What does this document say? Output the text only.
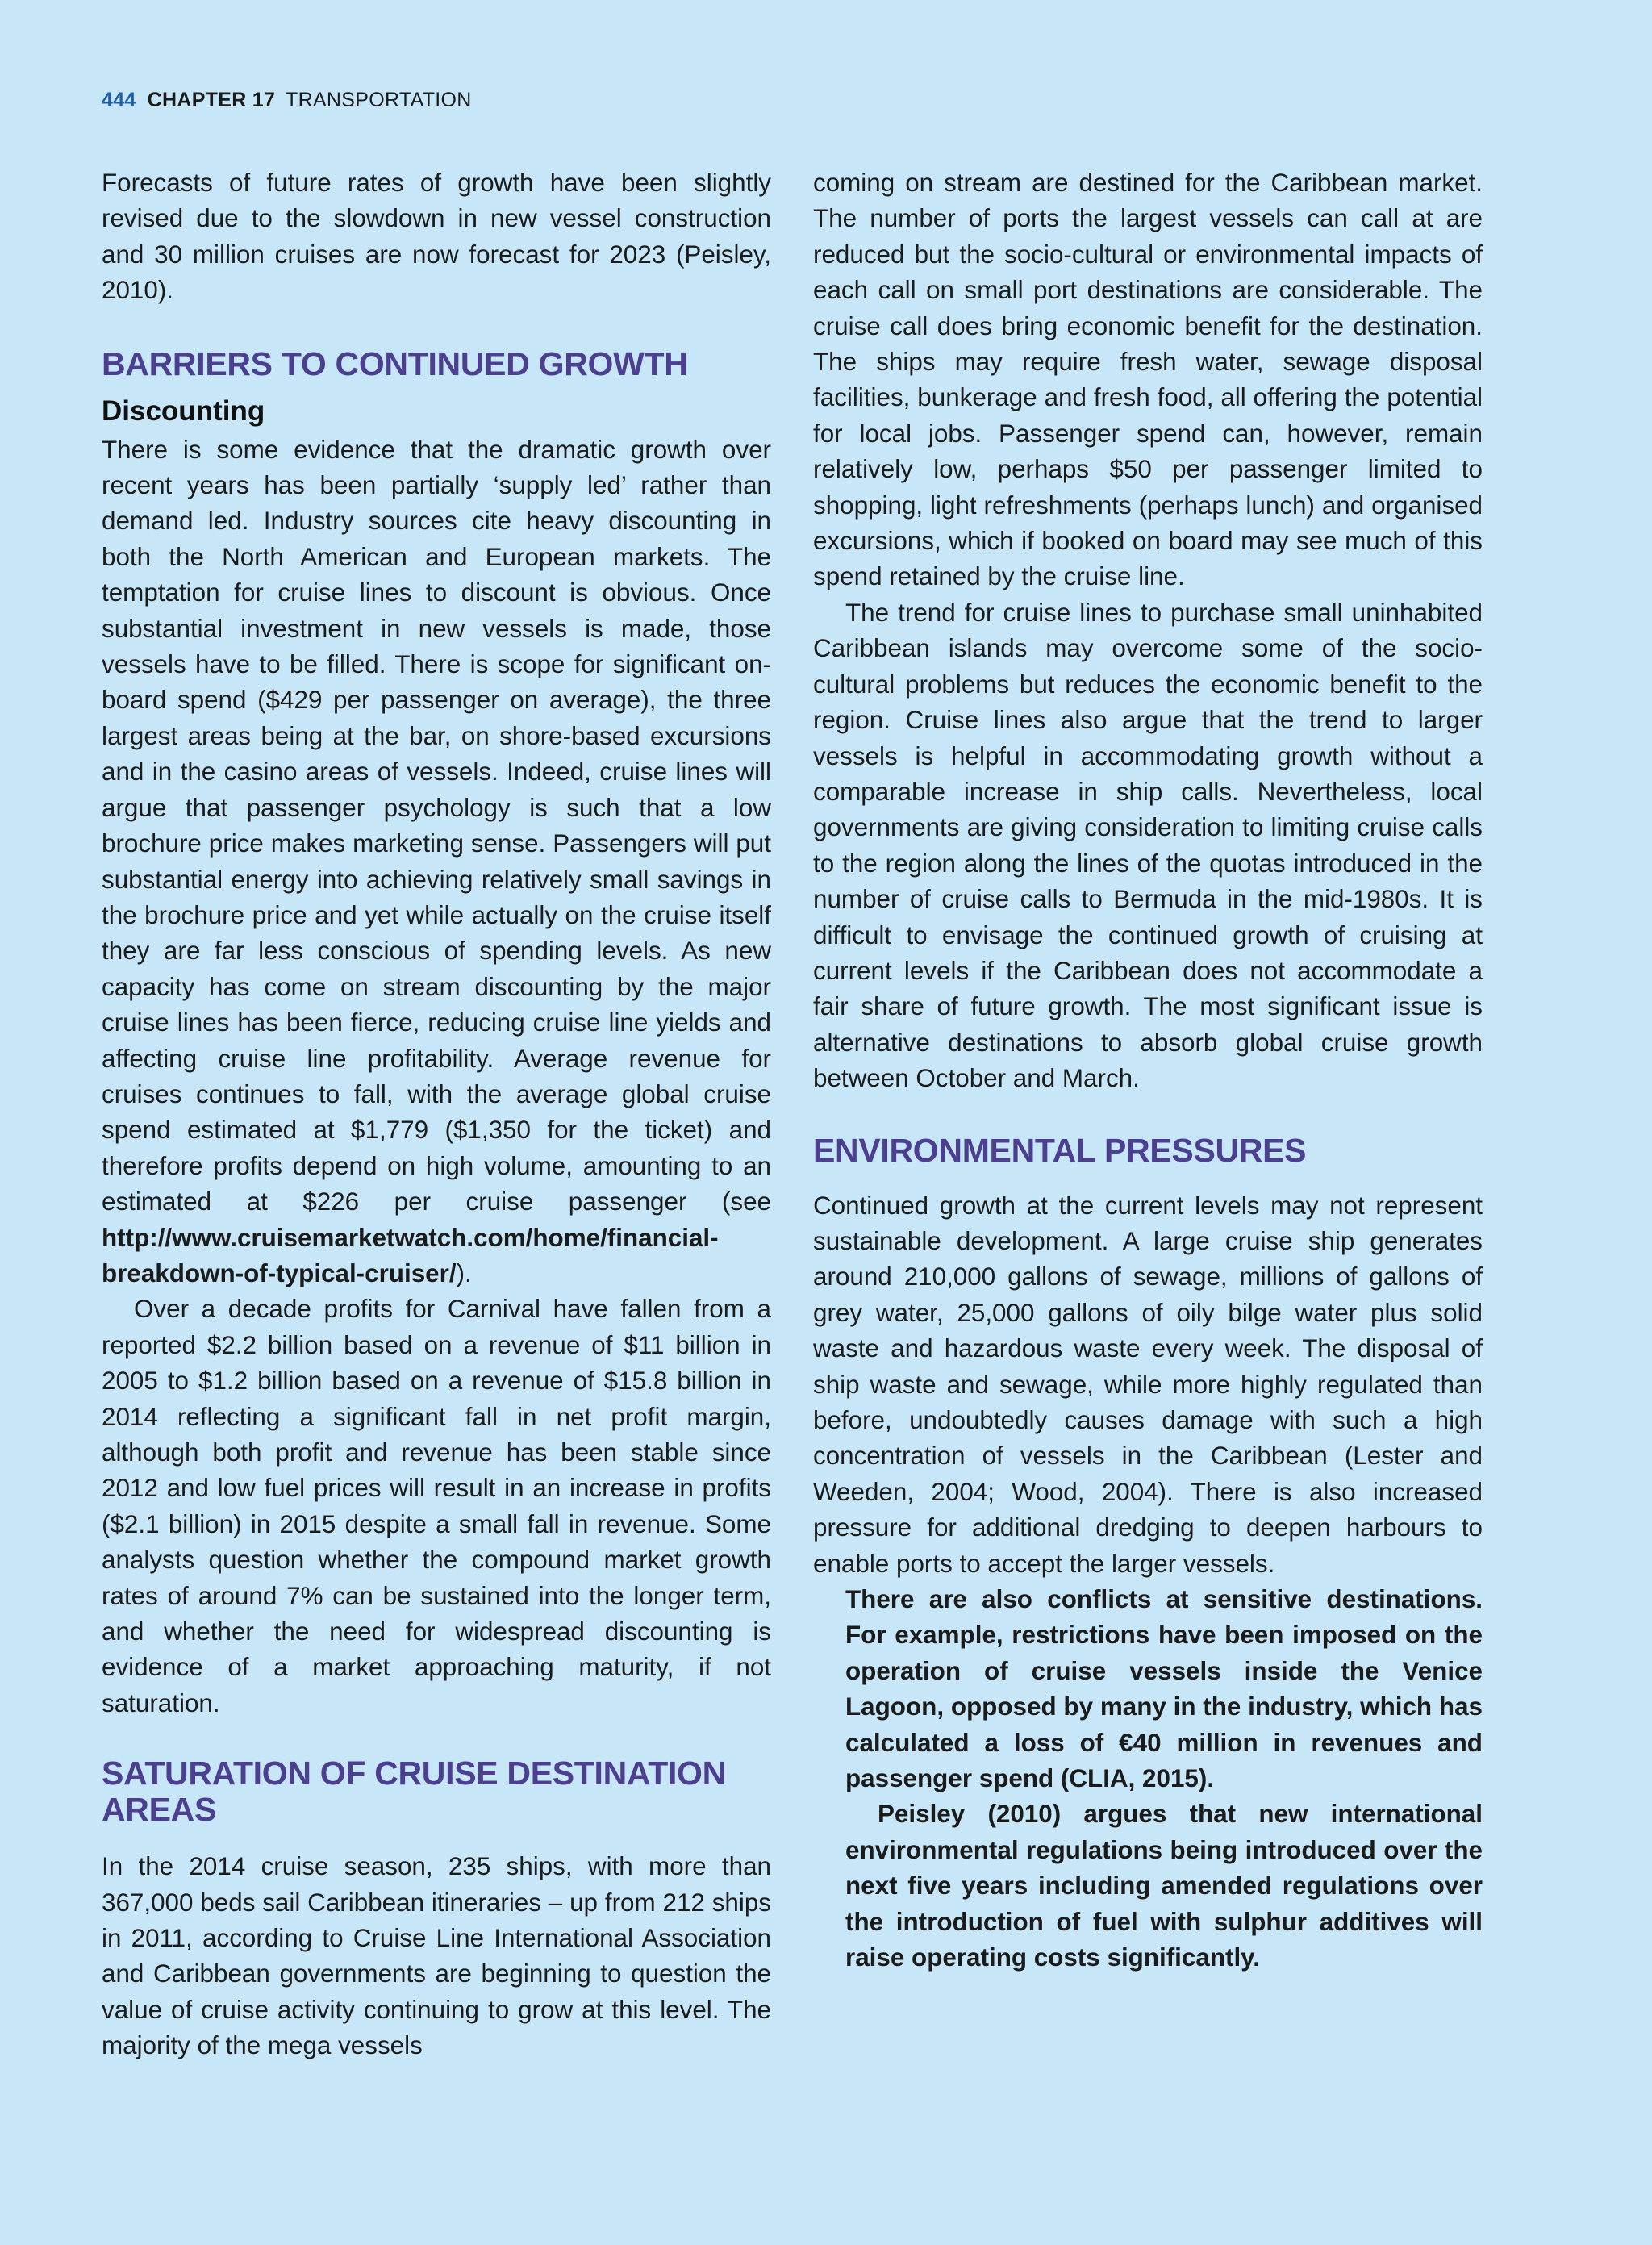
444 CHAPTER 17 TRANSPORTATION

Forecasts of future rates of growth have been slightly revised due to the slowdown in new vessel construction and 30 million cruises are now forecast for 2023 (Peisley, 2010).

BARRIERS TO CONTINUED GROWTH
Discounting

There is some evidence that the dramatic growth over recent years has been partially ‘supply led’ rather than demand led. Industry sources cite heavy discounting in both the North American and European markets. The temptation for cruise lines to discount is obvious. Once substantial investment in new vessels is made, those vessels have to be filled. There is scope for significant on-board spend ($429 per passenger on average), the three largest areas being at the bar, on shore-based excursions and in the casino areas of vessels. Indeed, cruise lines will argue that passenger psychology is such that a low brochure price makes marketing sense. Passengers will put substantial energy into achieving relatively small savings in the brochure price and yet while actually on the cruise itself they are far less conscious of spending levels. As new capacity has come on stream discounting by the major cruise lines has been fierce, reducing cruise line yields and affecting cruise line profitability. Average revenue for cruises continues to fall, with the average global cruise spend estimated at $1,779 ($1,350 for the ticket) and therefore profits depend on high volume, amounting to an estimated at $226 per cruise passenger (see http://www.cruisemarketwatch.com/home/financial-breakdown-of-typical-cruiser/).

Over a decade profits for Carnival have fallen from a reported $2.2 billion based on a revenue of $11 billion in 2005 to $1.2 billion based on a revenue of $15.8 billion in 2014 reflecting a significant fall in net profit margin, although both profit and revenue has been stable since 2012 and low fuel prices will result in an increase in profits ($2.1 billion) in 2015 despite a small fall in revenue. Some analysts question whether the compound market growth rates of around 7% can be sustained into the longer term, and whether the need for widespread discounting is evidence of a market approaching maturity, if not saturation.

SATURATION OF CRUISE DESTINATION AREAS

In the 2014 cruise season, 235 ships, with more than 367,000 beds sail Caribbean itineraries – up from 212 ships in 2011, according to Cruise Line International Association and Caribbean governments are beginning to question the value of cruise activity continuing to grow at this level. The majority of the mega vessels

coming on stream are destined for the Caribbean market. The number of ports the largest vessels can call at are reduced but the socio-cultural or environmental impacts of each call on small port destinations are considerable. The cruise call does bring economic benefit for the destination. The ships may require fresh water, sewage disposal facilities, bunkerage and fresh food, all offering the potential for local jobs. Passenger spend can, however, remain relatively low, perhaps $50 per passenger limited to shopping, light refreshments (perhaps lunch) and organised excursions, which if booked on board may see much of this spend retained by the cruise line.

The trend for cruise lines to purchase small uninhabited Caribbean islands may overcome some of the socio-cultural problems but reduces the economic benefit to the region. Cruise lines also argue that the trend to larger vessels is helpful in accommodating growth without a comparable increase in ship calls. Nevertheless, local governments are giving consideration to limiting cruise calls to the region along the lines of the quotas introduced in the number of cruise calls to Bermuda in the mid-1980s. It is difficult to envisage the continued growth of cruising at current levels if the Caribbean does not accommodate a fair share of future growth. The most significant issue is alternative destinations to absorb global cruise growth between October and March.

ENVIRONMENTAL PRESSURES

Continued growth at the current levels may not represent sustainable development. A large cruise ship generates around 210,000 gallons of sewage, millions of gallons of grey water, 25,000 gallons of oily bilge water plus solid waste and hazardous waste every week. The disposal of ship waste and sewage, while more highly regulated than before, undoubtedly causes damage with such a high concentration of vessels in the Caribbean (Lester and Weeden, 2004; Wood, 2004). There is also increased pressure for additional dredging to deepen harbours to enable ports to accept the larger vessels.

There are also conflicts at sensitive destinations. For example, restrictions have been imposed on the operation of cruise vessels inside the Venice Lagoon, opposed by many in the industry, which has calculated a loss of €40 million in revenues and passenger spend (CLIA, 2015).

Peisley (2010) argues that new international environmental regulations being introduced over the next five years including amended regulations over the introduction of fuel with sulphur additives will raise operating costs significantly.
